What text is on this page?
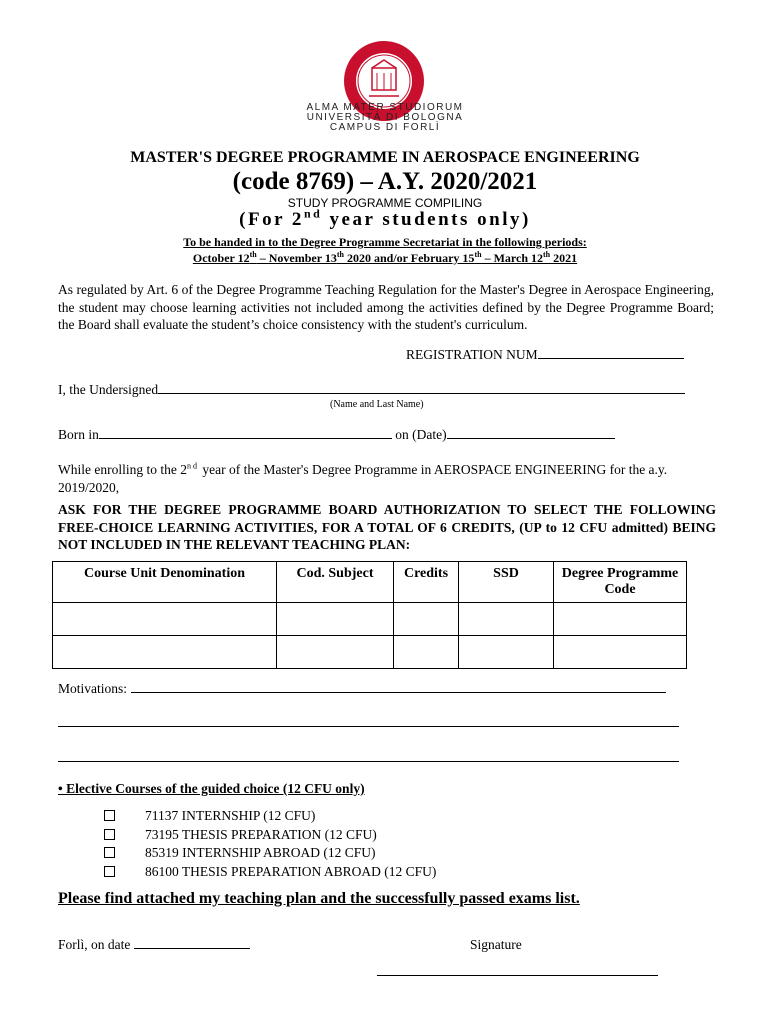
ALMA MATER STUDIORUM
UNIVERSITÀ DI BOLOGNA
CAMPUS DI FORLÌ
MASTER'S DEGREE PROGRAMME IN AEROSPACE ENGINEERING
(code 8769) – A.Y. 2020/2021
STUDY PROGRAMME COMPILING
(For 2nd year students only)
To be handed in to the Degree Programme Secretariat in the following periods:
October 12th – November 13th 2020 and/or February 15th – March 12th 2021
As regulated by Art. 6 of the Degree Programme Teaching Regulation for the Master's Degree in Aerospace Engineering, the student may choose learning activities not included among the activities defined by the Degree Programme Board; the Board shall evaluate the student’s choice consistency with the student's curriculum.
REGISTRATION NUM
I, the Undersigned
(Name and Last Name)
Born in	on (Date)
While enrolling to the 2nd year of the Master's Degree Programme in AEROSPACE ENGINEERING for the a.y. 2019/2020,
ASK FOR THE DEGREE PROGRAMME BOARD AUTHORIZATION TO SELECT THE FOLLOWING FREE-CHOICE LEARNING ACTIVITIES, FOR A TOTAL OF 6 CREDITS, (UP to 12 CFU admitted) BEING NOT INCLUDED IN THE RELEVANT TEACHING PLAN:
Course Unit Denomination	Cod. Subject	Credits	SSD	Degree Programme Code

Motivations:
• Elective Courses of the guided choice (12 CFU only)
71137 INTERNSHIP (12 CFU)
73195 THESIS PREPARATION (12 CFU)
85319 INTERNSHIP ABROAD (12 CFU)
86100 THESIS PREPARATION ABROAD (12 CFU)
Please find attached my teaching plan and the successfully passed exams list.
Forlì, on date	Signature
